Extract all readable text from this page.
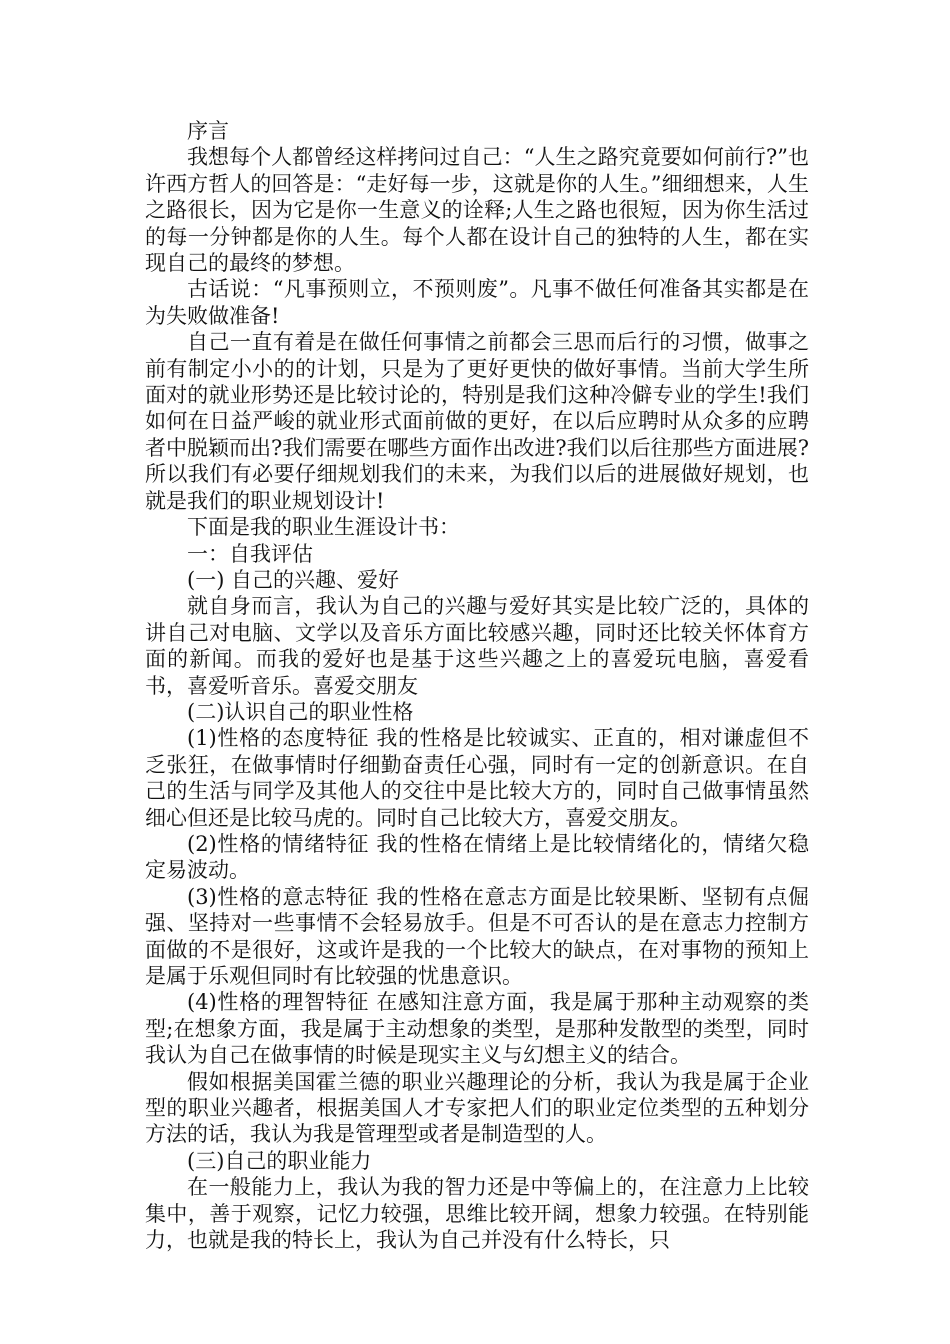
序言

我想每个人都曾经这样拷问过自己：“人生之路究竟要如何前行?”也许西方哲人的回答是：“走好每一步，这就是你的人生。”细细想来，人生之路很长，因为它是你一生意义的诠释;人生之路也很短，因为你生活过的每一分钟都是你的人生。每个人都在设计自己的独特的人生，都在实现自己的最终的梦想。

古话说：“凡事预则立，不预则废”。凡事不做任何准备其实都是在为失败做准备!

自己一直有着是在做任何事情之前都会三思而后行的习惯，做事之前有制定小小的的计划，只是为了更好更快的做好事情。当前大学生所面对的就业形势还是比较讨论的，特别是我们这种冷僻专业的学生!我们如何在日益严峻的就业形式面前做的更好，在以后应聘时从众多的应聘者中脱颖而出?我们需要在哪些方面作出改进?我们以后往那些方面进展?所以我们有必要仔细规划我们的未来，为我们以后的进展做好规划，也就是我们的职业规划设计!

下面是我的职业生涯设计书：

一：自我评估

(一) 自己的兴趣、爱好

就自身而言，我认为自己的兴趣与爱好其实是比较广泛的，具体的讲自己对电脑、文学以及音乐方面比较感兴趣，同时还比较关怀体育方面的新闻。而我的爱好也是基于这些兴趣之上的喜爱玩电脑，喜爱看书，喜爱听音乐。喜爱交朋友

(二)认识自己的职业性格

(1)性格的态度特征 我的性格是比较诚实、正直的，相对谦虚但不乏张狂，在做事情时仔细勤奋责任心强，同时有一定的创新意识。在自己的生活与同学及其他人的交往中是比较大方的，同时自己做事情虽然细心但还是比较马虎的。同时自己比较大方，喜爱交朋友。

(2)性格的情绪特征 我的性格在情绪上是比较情绪化的，情绪欠稳定易波动。

(3)性格的意志特征 我的性格在意志方面是比较果断、坚韧有点倔强、坚持对一些事情不会轻易放手。但是不可否认的是在意志力控制方面做的不是很好，这或许是我的一个比较大的缺点，在对事物的预知上是属于乐观但同时有比较强的忧患意识。

(4)性格的理智特征 在感知注意方面，我是属于那种主动观察的类型;在想象方面，我是属于主动想象的类型，是那种发散型的类型，同时我认为自己在做事情的时候是现实主义与幻想主义的结合。

假如根据美国霍兰德的职业兴趣理论的分析，我认为我是属于企业型的职业兴趣者，根据美国人才专家把人们的职业定位类型的五种划分方法的话，我认为我是管理型或者是制造型的人。

(三)自己的职业能力

在一般能力上，我认为我的智力还是中等偏上的，在注意力上比较集中，善于观察，记忆力较强，思维比较开阔，想象力较强。在特别能力，也就是我的特长上，我认为自己并没有什么特长，只
